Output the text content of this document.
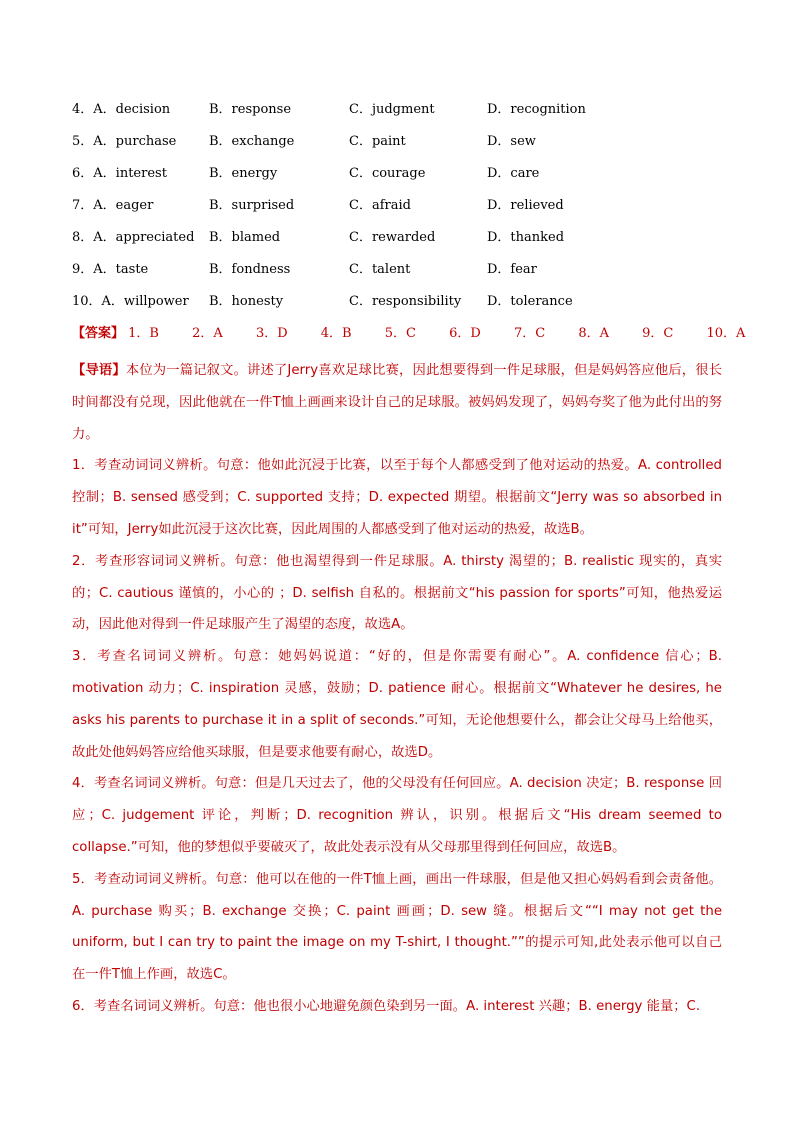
4．A．decision	B．response	C．judgment	D．recognition
5．A．purchase	B．exchange	C．paint	D．sew
6．A．interest	B．energy	C．courage	D．care
7．A．eager	B．surprised	C．afraid	D．relieved
8．A．appreciated B．blamed	C．rewarded	D．thanked
9．A．taste	B．fondness	C．talent	D．fear
10．A．willpower B．honesty	C．responsibility D．tolerance
【答案】 1．B	2．A	3．D	4．B	5．C	6．D	7．C	8．A	9．C	10．A

【导语】本位为一篇记叙文。讲述了Jerry喜欢足球比赛，因此想要得到一件足球服，但是妈妈答应他后，很长时间都没有兑现，因此他就在一件T恤上画画来设计自己的足球服。被妈妈发现了，妈妈夸奖了他为此付出的努力。

1．考查动词词义辨析。句意：他如此沉浸于比赛，以至于每个人都感受到了他对运动的热爱。A. controlled 控制；B. sensed 感受到；C. supported 支持；D. expected 期望。根据前文“Jerry was so absorbed in it”可知，Jerry如此沉浸于这次比赛，因此周围的人都感受到了他对运动的热爱，故选B。

2．考查形容词词义辨析。句意：他也渴望得到一件足球服。A. thirsty 渴望的；B. realistic 现实的，真实的；C. cautious 谨慎的，小心的 ；D. selfish 自私的。根据前文“his passion for sports”可知，他热爱运动，因此他对得到一件足球服产生了渴望的态度，故选A。

3．考查名词词义辨析。句意：她妈妈说道：“好的，但是你需要有耐心”。A. confidence 信心；B. motivation 动力；C. inspiration 灵感，鼓励；D. patience 耐心。根据前文“Whatever he desires, he asks his parents to purchase it in a split of seconds.”可知，无论他想要什么，都会让父母马上给他买，故此处他妈妈答应给他买球服，但是要求他要有耐心，故选D。

4．考查名词词义辨析。句意：但是几天过去了，他的父母没有任何回应。A. decision 决定；B. response 回应；C. judgement 评论，判断；D. recognition 辨认，识别。根据后文“His dream seemed to collapse.”可知，他的梦想似乎要破灭了，故此处表示没有从父母那里得到任何回应，故选B。

5．考查动词词义辨析。句意：他可以在他的一件T恤上画，画出一件球服，但是他又担心妈妈看到会责备他。A. purchase 购买；B. exchange 交换；C. paint 画画；D. sew 缝。根据后文““I may not get the uniform, but I can try to paint the image on my T-shirt, I thought.””的提示可知,此处表示他可以自己在一件T恤上作画，故选C。

6．考查名词词义辨析。句意：他也很小心地避免颜色染到另一面。A. interest 兴趣；B. energy 能量；C.
